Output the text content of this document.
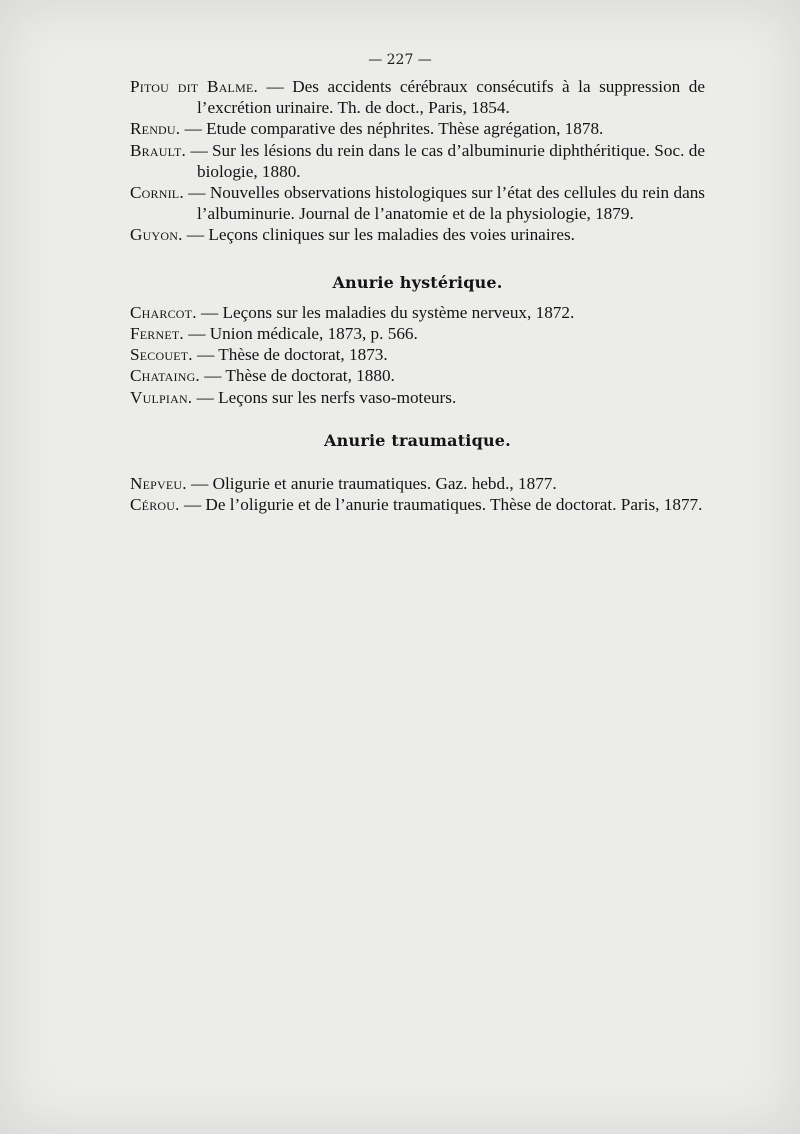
— 227 —

Pitou dit Balme. — Des accidents cérébraux consécutifs à la suppression de l’excrétion urinaire. Th. de doct., Paris, 1854.

Rendu. — Etude comparative des néphrites. Thèse agrégation, 1878.

Brault. — Sur les lésions du rein dans le cas d’albuminurie diphthéritique. Soc. de biologie, 1880.

Cornil. — Nouvelles observations histologiques sur l’état des cellules du rein dans l’albuminurie. Journal de l’anatomie et de la physiologie, 1879.

Guyon. — Leçons cliniques sur les maladies des voies urinaires.

Anurie hystérique.

Charcot. — Leçons sur les maladies du système nerveux, 1872.

Fernet. — Union médicale, 1873, p. 566.

Secouet. — Thèse de doctorat, 1873.

Chataing. — Thèse de doctorat, 1880.

Vulpian. — Leçons sur les nerfs vaso-moteurs.

Anurie traumatique.

Nepveu. — Oligurie et anurie traumatiques. Gaz. hebd., 1877.

Cérou. — De l’oligurie et de l’anurie traumatiques. Thèse de doctorat. Paris, 1877.
